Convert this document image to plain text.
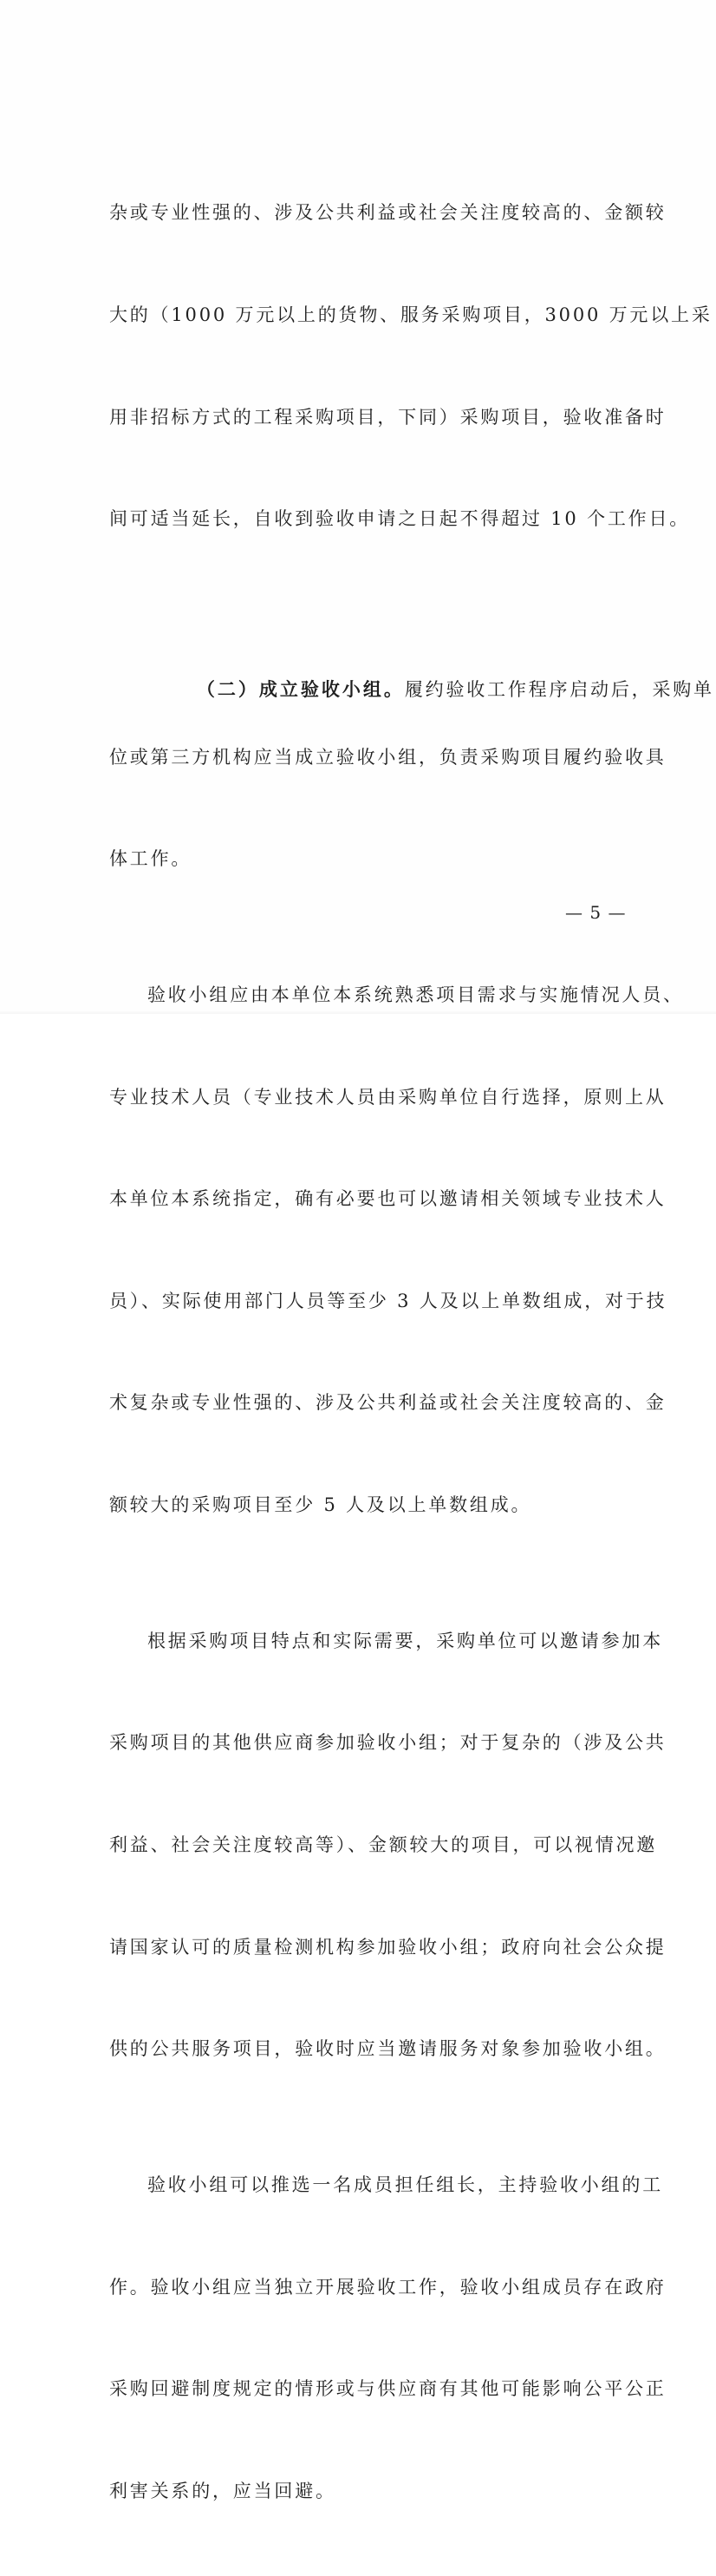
杂或专业性强的、涉及公共利益或社会关注度较高的、金额较

大的（1000 万元以上的货物、服务采购项目，3000 万元以上采

用非招标方式的工程采购项目，下同）采购项目，验收准备时

间可适当延长，自收到验收申请之日起不得超过 10 个工作日。

（二）成立验收小组。履约验收工作程序启动后，采购单

位或第三方机构应当成立验收小组，负责采购项目履约验收具

体工作。

验收小组应由本单位本系统熟悉项目需求与实施情况人员、

专业技术人员（专业技术人员由采购单位自行选择，原则上从

本单位本系统指定，确有必要也可以邀请相关领域专业技术人

员）、实际使用部门人员等至少 3 人及以上单数组成，对于技

术复杂或专业性强的、涉及公共利益或社会关注度较高的、金

额较大的采购项目至少 5 人及以上单数组成。

根据采购项目特点和实际需要，采购单位可以邀请参加本

采购项目的其他供应商参加验收小组；对于复杂的（涉及公共

利益、社会关注度较高等）、金额较大的项目，可以视情况邀

请国家认可的质量检测机构参加验收小组；政府向社会公众提

供的公共服务项目，验收时应当邀请服务对象参加验收小组。

验收小组可以推选一名成员担任组长，主持验收小组的工

作。验收小组应当独立开展验收工作，验收小组成员存在政府

采购回避制度规定的情形或与供应商有其他可能影响公平公正

利害关系的，应当回避。

— 5 —
